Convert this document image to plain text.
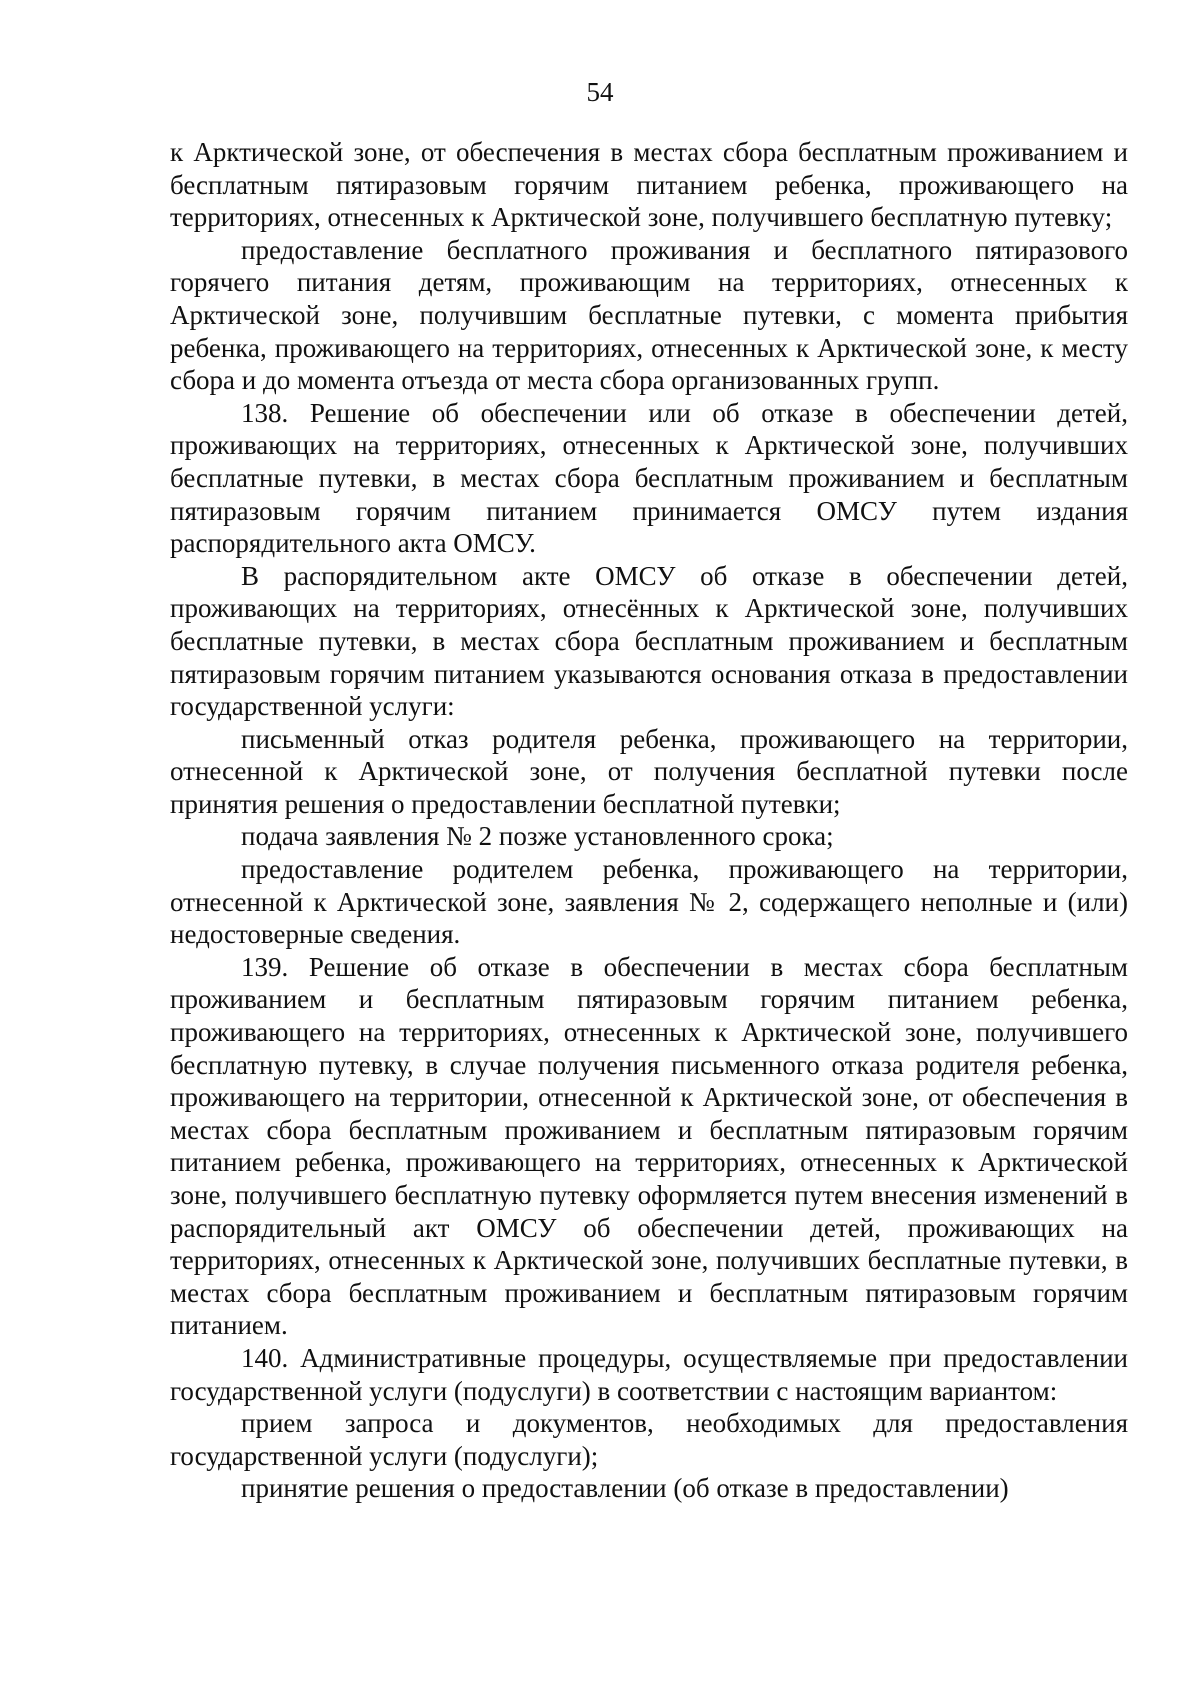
54

к Арктической зоне, от обеспечения в местах сбора бесплатным проживанием и бесплатным пятиразовым горячим питанием ребенка, проживающего на территориях, отнесенных к Арктической зоне, получившего бесплатную путевку;

предоставление бесплатного проживания и бесплатного пятиразового горячего питания детям, проживающим на территориях, отнесенных к Арктической зоне, получившим бесплатные путевки, с момента прибытия ребенка, проживающего на территориях, отнесенных к Арктической зоне, к месту сбора и до момента отъезда от места сбора организованных групп.

138. Решение об обеспечении или об отказе в обеспечении детей, проживающих на территориях, отнесенных к Арктической зоне, получивших бесплатные путевки, в местах сбора бесплатным проживанием и бесплатным пятиразовым горячим питанием принимается ОМСУ путем издания распорядительного акта ОМСУ.

В распорядительном акте ОМСУ об отказе в обеспечении детей, проживающих на территориях, отнесённых к Арктической зоне, получивших бесплатные путевки, в местах сбора бесплатным проживанием и бесплатным пятиразовым горячим питанием указываются основания отказа в предоставлении государственной услуги:

письменный отказ родителя ребенка, проживающего на территории, отнесенной к Арктической зоне, от получения бесплатной путевки после принятия решения о предоставлении бесплатной путевки;

подача заявления № 2 позже установленного срока;

предоставление родителем ребенка, проживающего на территории, отнесенной к Арктической зоне, заявления № 2, содержащего неполные и (или) недостоверные сведения.

139. Решение об отказе в обеспечении в местах сбора бесплатным проживанием и бесплатным пятиразовым горячим питанием ребенка, проживающего на территориях, отнесенных к Арктической зоне, получившего бесплатную путевку, в случае получения письменного отказа родителя ребенка, проживающего на территории, отнесенной к Арктической зоне, от обеспечения в местах сбора бесплатным проживанием и бесплатным пятиразовым горячим питанием ребенка, проживающего на территориях, отнесенных к Арктической зоне, получившего бесплатную путевку оформляется путем внесения изменений в распорядительный акт ОМСУ об обеспечении детей, проживающих на территориях, отнесенных к Арктической зоне, получивших бесплатные путевки, в местах сбора бесплатным проживанием и бесплатным пятиразовым горячим питанием.

140. Административные процедуры, осуществляемые при предоставлении государственной услуги (подуслуги) в соответствии с настоящим вариантом:

прием запроса и документов, необходимых для предоставления государственной услуги (подуслуги);

принятие решения о предоставлении (об отказе в предоставлении)
